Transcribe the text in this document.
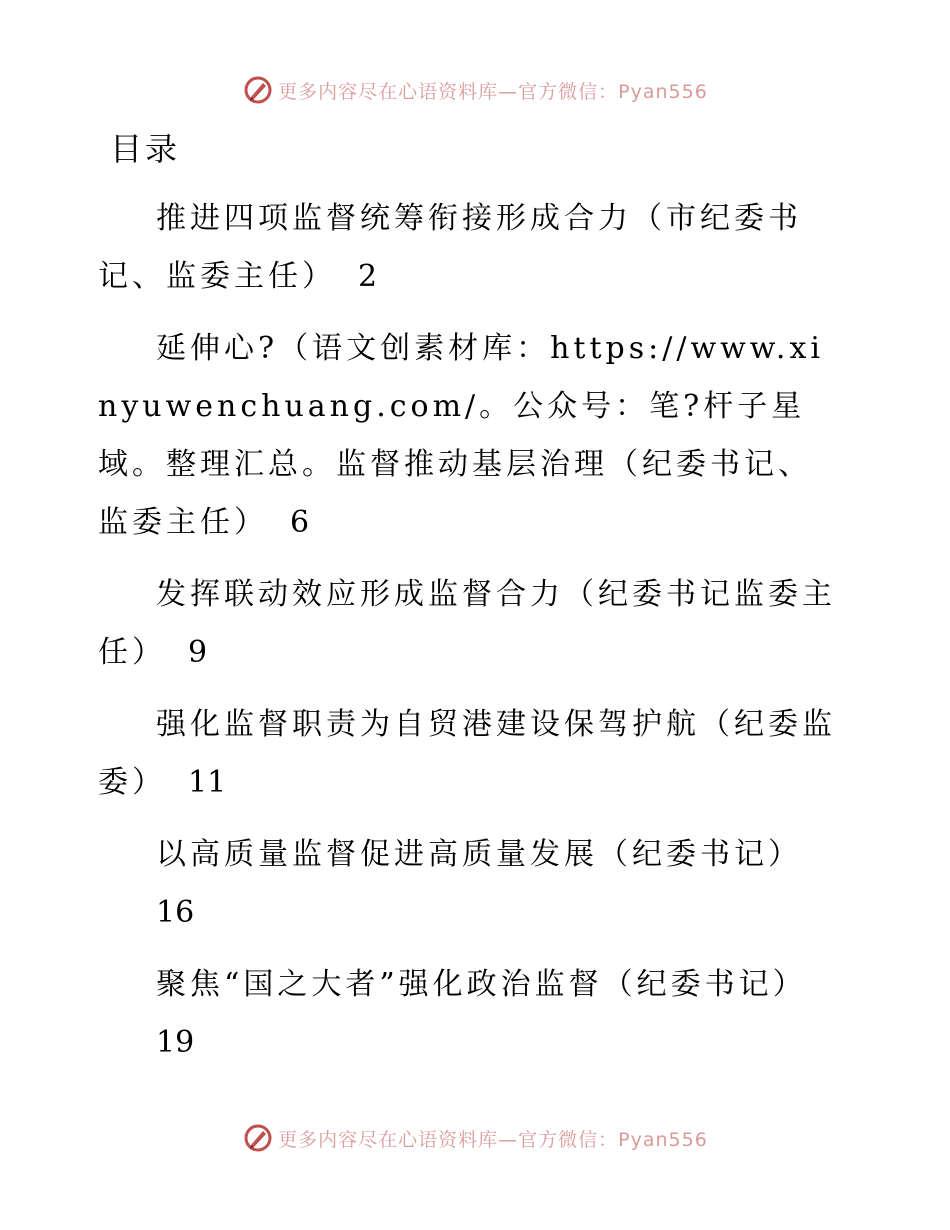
更多内容尽在心语资料库—官方微信：Pyan556
目录
推进四项监督统筹衔接形成合力（市纪委书记、监委主任） 2
延伸心?（语文创素材库：https://www.xinyuwenchuang.com/。公众号：笔?杆子星域。整理汇总。监督推动基层治理（纪委书记、监委主任） 6
发挥联动效应形成监督合力（纪委书记监委主任） 9
强化监督职责为自贸港建设保驾护航（纪委监委） 11
以高质量监督促进高质量发展（纪委书记）
16
聚焦“国之大者”强化政治监督（纪委书记）
19
更多内容尽在心语资料库—官方微信：Pyan556
